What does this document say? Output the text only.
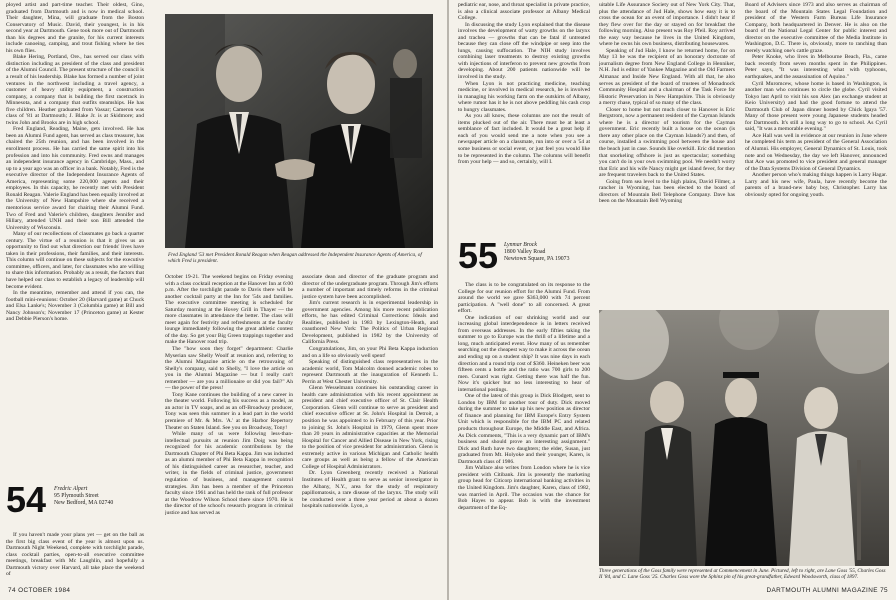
ployed artist and part-time teacher. Their oldest, Gino, graduated from Dartmouth and is now in medical school. Their daughter, Mina, will graduate from the Boston Conservatory of Music. David, their youngest, is in his second year at Dartmouth. Gene took more out of Dartmouth than his degrees and the granite, for his current interests include canoeing, camping, and trout fishing where he ties his own flies.

Blake Hering, Portland, Ore., has served our class with distinction including as president of the class and president of the Alumni Council. The present structure of the council is a result of his leadership. Blake has formed a number of joint ventures in the northwest including a travel agency, a customer of heavy utility equipment, a construction company, a company that is building the first racetrack in Minnesota, and a company that outfits steamships. He has five children. Heather graduated from Vassar; Cameron was class of '81 at Dartmouth; J. Blake Jr. is at Skidmore; and twins John and Brooks are in high school.

Fred England, Reading, Maine, gets involved. He has been an Alumni Fund agent, has served as class treasurer, has chaired the 25th reunion, and has been involved in the enrollment process. He has carried the same spirit into his profession and into his community. Fred owns and manages an independent insurance agency in Cambridge, Mass., and up to a year ago was an officer in a bank. Notably, Fred is the executive director of the Independent Insurance Agents of America, representing some 220,000 agents and their employees. In this capacity, he recently met with President Ronald Reagan. Valerie England has been equally involved at the University of New Hampshire where she received a mentorious service award for chairing their Alumni Fund. Two of Fred and Valerie's children, daughters Jennifer and Hillary, attended UNH and their son Bill attended the University of Wisconsin.

Many of our recollections of classmates go back a quarter century. The virtue of a reunion is that it gives us an opportunity to find out what direction our friends' lives have taken in their professions, their families, and their interests. This column will continue on these subjects for the executive committee, officers, and later, for classmates who are willing to share this information. Probably as a result, the factors that have helped our class to establish a legacy of leadership will become evident.

In the meantime, remember and attend if you can, the football mini-reunions: October 20 (Harvard game) at Chuck and Elsa Lanke's; November 3 (Columbia game) at Bill and Nancy Johnson's; November 17 (Princeton game) at Kester and Debbie Pierson's home.

54 Fredric Alpert
95 Plymouth Street
New Bedford, MA 02740

If you haven't made your plans yet — get on the ball as the first big class event of the year is almost upon us. Dartmouth Night Weekend, complete with torchlight parade, class cocktail parties, open-to-all executive committee meetings, breakfast with Mc Laughlin, and hopefully a Dartmouth victory over Harvard, all take place the weekend of

Fred England '53 met President Ronald Reagan when Reagan addressed the Independent Insurance Agents of America, of which Fred is president.

October 19-21. The weekend begins on Friday evening with a class cocktail reception at the Hanover Inn at 6:00 p.m. After the torchlight parade to Davis there will be another cocktail party at the Inn for '54s and families. The executive committee meeting is scheduled for Saturday morning at the Hovey Grill in Thayer — the more classmates in attendance the better. The class will meet again for festivity and refreshments at the faculty lounge immediately following the great athletic contest of the day. So get your Big Green trappings together and make the Hanover road trip.

The "how soon they forget" department: Charlie Myserian saw Shelly Woolf at reunion and, referring to the Alumni Magazine article on the retrouvaing of Shelly's company, said to Shelly, "I love the article on you in the Alumni Magazine — but I really can't remember — are you a millionaire or did you fail?" Ah — the power of the press!

Tony Kane continues the building of a new career in the theater world. Following his success as a model, as an actor in TV soaps, and as an off-Broadway producer, Tony was seen this summer in a lead part in the world premiere of Mr. & Mrs. 'A.' at the Harbor Repertory Theater on Staten Island. See you on Broadway, Tony!

While many of us were following less-than-intellectual pursuits at reunion Jim Doig was being recognized for his academic contributions by the Dartmouth Chapter of Phi Beta Kappa. Jim was inducted as an alumni member of Phi Beta Kappa in recognition of his distinguished career as researcher, teacher, and writer, in the fields of criminal justice, government regulation of business, and management control strategies. Jim has been a member of the Princeton faculty since 1961 and has held the rank of full professor at the Woodrow Wilson School there since 1970. He is the director of the school's research program in criminal justice and has served as

associate dean and director of the graduate program and director of the undergraduate program. Through Jim's efforts a number of important and timely reforms in the criminal justice system have been accomplished.

Jim's current research is in experimental leadership in government agencies. Among his more recent publication efforts, he has edited Criminal Corrections: Ideals and Realities, published in 1983 by Lexington-Heath, and coauthored New York: The Politics of Urban Regional Development, published in 1982 by the University of California Press.

Congratulations, Jim, on your Phi Beta Kappa induction and on a life so obviously well spent!

Speaking of distinguished class representatives in the academic world, Tom Malcolm donned academic robes to represent Dartmouth at the inauguration of Kenneth L. Perrin at West Chester University.

Glenn Wesselmann continues his outstanding career in health care administration with his recent appointment as president and chief executive officer of St. Clair Health Corporation. Glenn will continue to serve as president and chief executive officer at St. John's Hospital in Detroit, a position he was appointed to in February of this year. Prior to joining St. John's Hospital in 1979, Glenn spent more than 20 years in administrative capacities at the Memorial Hospital for Cancer and Allied Disease in New York, rising to the position of vice president for administration. Glenn is extremely active in various Michigan and Catholic health care groups as well as being a fellow of the American College of Hospital Administrators.

Dr. Lyon Greenberg recently received a National Institutes of Health grant to serve as senior investigator in the Albany, N.Y., area for the study of respiratory papillomatosis, a rare disease of the larynx. The study will be conducted over a three year period at about a dozen hospitals nationwide. Lyon, a

74 OCTOBER 1984

pediatric ear, nose, and throat specialist in private practice, is also a clinical associate professor at Albany Medical College.

In discussing the study Lyon explained that the disease involves the development of warty growths on the larynx and trachea — growths that can be fatal if untreated because they can close off the windpipe or seep into the lungs, causing suffocation. The NIH study involves combining laser treatments to destroy existing growths with injections of interferon to prevent new growths from developing. About 200 patients nationwide will be involved in the study.

When Lyon is not practicing medicine, teaching medicine, or involved in medical research, he is involved in managing his working farm on the outskirts of Albany, where rumor has it he is not above peddling his cash crop to hungry classmates.

As you all know, these columns are not the result of items plucked out of the air. There must be at least a semblance of fact included. It would be a great help if each of you would send me a note when you see a newspaper article on a classmate, run into or over a '54 at some business or social event, or just feel you would like to be represented in the column. The columns will benefit from your help — and so, certainly, will I.

55 Lynmar Brock
1800 Valley Road
Newtown Square, PA 19073

The class is to be congratulated on its response to the College for our reunion effort for the Alumni Fund. From around the world we gave $363,000 with 74 percent participation. A "well done" to all concerned. A great effort.

One indication of our shrinking world and our increasing global interdependence is in letters received from overseas addresses. In the early fifties taking the summer to go to Europe was the thrill of a lifetime and a long, much anticipated event. How many of us remember searching out the cheapest way to make it across the ocean and ending up on a student ship? It was nine days in each direction and a round trip cost of $360. Heineken beer was fifteen cents a bottle and the ratio was 700 girls to 200 men. Cunard was right. Getting there was half the fun. Now it's quicker but no less interesting to hear of international postings.

One of the latest of this group is Dick Blodgett, sent to London by IBM for another tour of duty. Dick moved during the summer to take up his new position as director of finance and planning for IBM Europe's Entry System Unit which is responsible for the IBM PC and related products throughout Europe, the Middle East, and Africa. As Dick comments, "This is a very dynamic part of IBM's business and should prove an interesting assignment." Dick and Ruth have two daughters; the elder, Susan, just graduated from Mt. Holyoke and their younger, Karen, is Dartmouth class of 1986.

Jim Wallace also writes from London where he is vice president with Citibank. Jim is presently the marketing group head for Citicorp international banking activities in the United Kingdom. Jim's daughter, Karen, class of 1982, was married in April. The occasion was the chance for Bob Hayes to appear. Bob is with the investment department of the Eq-

uitable Life Assurance Society out of New York City. That, plus the attendance of Jud Hale, shows how easy it is to cross the ocean for an event of importance. I didn't hear if they flew over for the day or stayed on for breakfast the following morning. Also present was Roy Pfeil. Roy arrived the easy way because he lives in the United Kingdom, where he owns his own business, distributing housewares.

Speaking of Jud Hale, I know he returned home, for on May 13 he was the recipient of an honorary doctorate of journalism degree from New England College in Henniker, N.H. Jud is editor of Yankee Magazine and the Old Farmers Almanac and Inside New England. With all that, he also serves as president of the board of trustees of Monadnock Community Hospital and a chairman of the Task Force for Historic Preservation in New Hampshire. This is obviously a merry chase, typical of so many of the class.

Closer to home but not much closer to Hanover is Eric Bergstrom, now a permanent resident of the Cayman Islands where he is a director of tourism for the Cayman government. Eric recently built a house on the ocean (is there any other place on the Cayman Islands?) and then, of course, installed a swimming pool between the house and the beach just in case. Sounds like overkill. Eric did mention that snorkeling offshore is just as spectacular; something you can't do in your own swimming pool. We needn't worry that Eric and his wife Nancy might get island fever, for they are frequent travelers back to the United States.

Going from sea level to the high plains, David Filmer, a rancher in Wyoming, has been elected to the board of directors of Mountain Bell Telephone Company. Dave has been on the Mountain Bell Wyoming

Board of Advisers since 1973 and also serves as chairman of the board of the Mountain States Legal Foundation and president of the Western Farm Bureau Life Insurance Company, both headquartered in Denver. He is also on the board of the National Legal Center for public interest and director on the executive committee of the Media Institute in Washington, D.C. There is, obviously, more to ranching than merely watching one's cattle graze.

Peter Knoke, who lives in Melbourne Beach, Fla., came back recently from seven months spent in the Philippines. Peter says, "It was interesting what with typhoons, earthquakes, and the assassination of Aquino."

Cyril Muromcew, whose home is based in Washington, is another man who continues to circle the globe. Cyril visited Tokyo last April to visit his son Alex (an exchange student at Keio University) and had the good fortune to attend the Dartmouth Club of Japan dinner hosted by Chick Igaya '57. Many of those present were young Japanese students headed for Dartmouth. It's still a long way to go to school. As Cyril said, "It was a memorable evening."

Ace Hall was well in evidence at our reunion in June where he completed his term as president of the General Association of Alumni. His employer, General Dynamics of St. Louis, took note and on Wednesday, the day we left Hanover, announced that Ace was promoted to vice president and general manager of the Data Systems Division of General Dynamics.

Another person who's making things happen is Larry Hagar. Larry and his new wife, Paula, have recently become the parents of a brand-new baby boy, Christopher. Larry has obviously opted for ongoing youth.

Three generations of the Goss family were represented at Commencement in June. Pictured, left to right, are Lane Goss '55, Charles Goss II '84, and C. Lane Goss '25. Charles Goss wore the Sphinx pin of his great-grandfather, Edward Woodsworth, class of 1897.
DARTMOUTH ALUMNI MAGAZINE 75
